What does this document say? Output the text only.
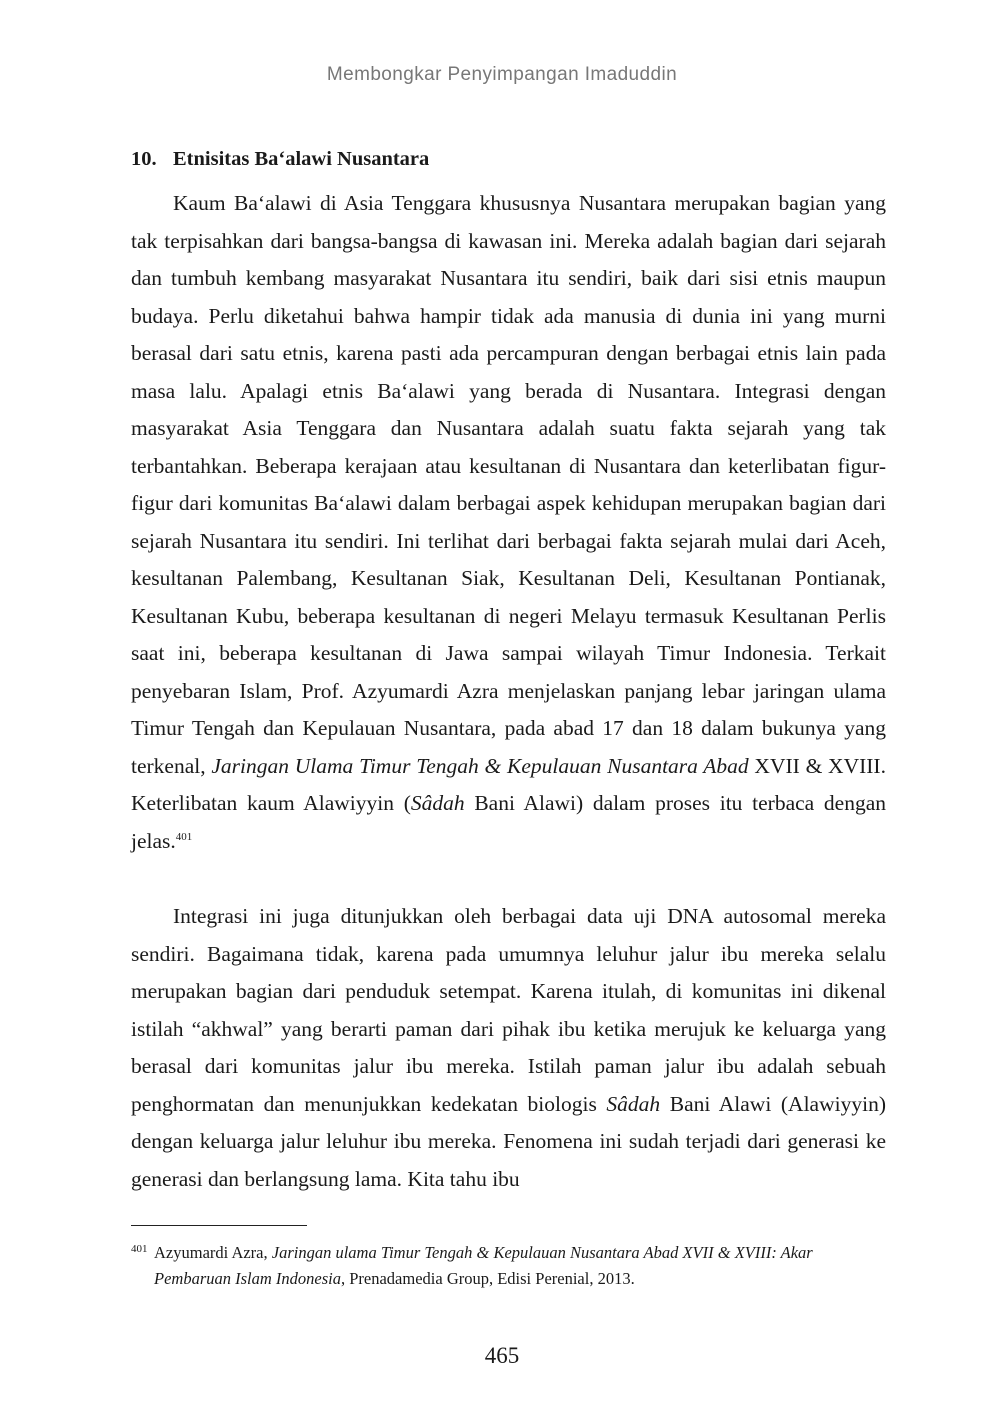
Membongkar Penyimpangan Imaduddin
10. Etnisitas Ba‘alawi Nusantara

Kaum Ba‘alawi di Asia Tenggara khususnya Nusantara merupakan bagian yang tak terpisahkan dari bangsa-bangsa di kawasan ini. Mereka adalah bagian dari sejarah dan tumbuh kembang masyarakat Nusantara itu sendiri, baik dari sisi etnis maupun budaya. Perlu diketahui bahwa hampir tidak ada manusia di dunia ini yang murni berasal dari satu etnis, karena pasti ada percampuran dengan berbagai etnis lain pada masa lalu. Apalagi etnis Ba‘alawi yang berada di Nusantara. Integrasi dengan masyarakat Asia Tenggara dan Nusantara adalah suatu fakta sejarah yang tak terbantahkan. Beberapa kerajaan atau kesultanan di Nusantara dan keterlibatan figur-figur dari komunitas Ba‘alawi dalam berbagai aspek kehidupan merupakan bagian dari sejarah Nusantara itu sendiri. Ini terlihat dari berbagai fakta sejarah mulai dari Aceh, kesultanan Palembang, Kesultanan Siak, Kesultanan Deli, Kesultanan Pontianak, Kesultanan Kubu, beberapa kesultanan di negeri Melayu termasuk Kesultanan Perlis saat ini, beberapa kesultanan di Jawa sampai wilayah Timur Indonesia. Terkait penyebaran Islam, Prof. Azyumardi Azra menjelaskan panjang lebar jaringan ulama Timur Tengah dan Kepulauan Nusantara, pada abad 17 dan 18 dalam bukunya yang terkenal, Jaringan Ulama Timur Tengah & Kepulauan Nusantara Abad XVII & XVIII. Keterlibatan kaum Alawiyyin (Sâdah Bani Alawi) dalam proses itu terbaca dengan jelas.$^{401}$

Integrasi ini juga ditunjukkan oleh berbagai data uji DNA autosomal mereka sendiri. Bagaimana tidak, karena pada umumnya leluhur jalur ibu mereka selalu merupakan bagian dari penduduk setempat. Karena itulah, di komunitas ini dikenal istilah “akhwal” yang berarti paman dari pihak ibu ketika merujuk ke keluarga yang berasal dari komunitas jalur ibu mereka. Istilah paman jalur ibu adalah sebuah penghormatan dan menunjukkan kedekatan biologis Sâdah Bani Alawi (Alawiyyin) dengan keluarga jalur leluhur ibu mereka. Fenomena ini sudah terjadi dari generasi ke generasi dan berlangsung lama. Kita tahu ibu

401 Azyumardi Azra, Jaringan ulama Timur Tengah & Kepulauan Nusantara Abad XVII & XVIII: Akar Pembaruan Islam Indonesia, Prenadamedia Group, Edisi Perenial, 2013.
465
